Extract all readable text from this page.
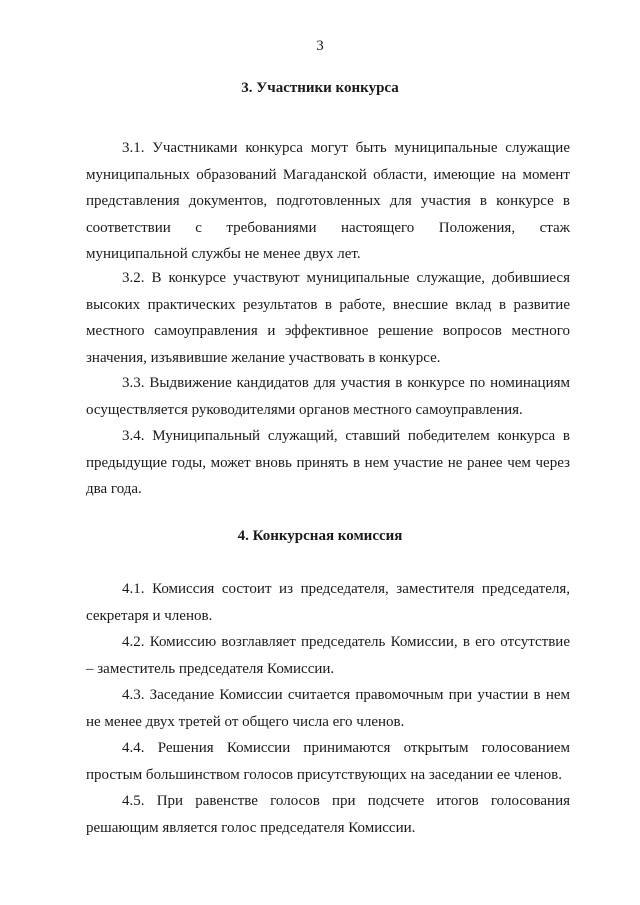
3
3. Участники конкурса

3.1. Участниками конкурса могут быть муниципальные служащие муниципальных образований Магаданской области, имеющие на момент представления документов, подготовленных для участия в конкурсе в соответствии с требованиями настоящего Положения, стаж муниципальной службы не менее двух лет.

3.2. В конкурсе участвуют муниципальные служащие, добившиеся высоких практических результатов в работе, внесшие вклад в развитие местного самоуправления и эффективное решение вопросов местного значения, изъявившие желание участвовать в конкурсе.

3.3. Выдвижение кандидатов для участия в конкурсе по номинациям осуществляется руководителями органов местного самоуправления.

3.4. Муниципальный служащий, ставший победителем конкурса в предыдущие годы, может вновь принять в нем участие не ранее чем через два года.

4. Конкурсная комиссия

4.1. Комиссия состоит из председателя, заместителя председателя, секретаря и членов.

4.2. Комиссию возглавляет председатель Комиссии, в его отсутствие – заместитель председателя Комиссии.

4.3. Заседание Комиссии считается правомочным при участии в нем не менее двух третей от общего числа его членов.

4.4. Решения Комиссии принимаются открытым голосованием простым большинством голосов присутствующих на заседании ее членов.

4.5. При равенстве голосов при подсчете итогов голосования решающим является голос председателя Комиссии.
